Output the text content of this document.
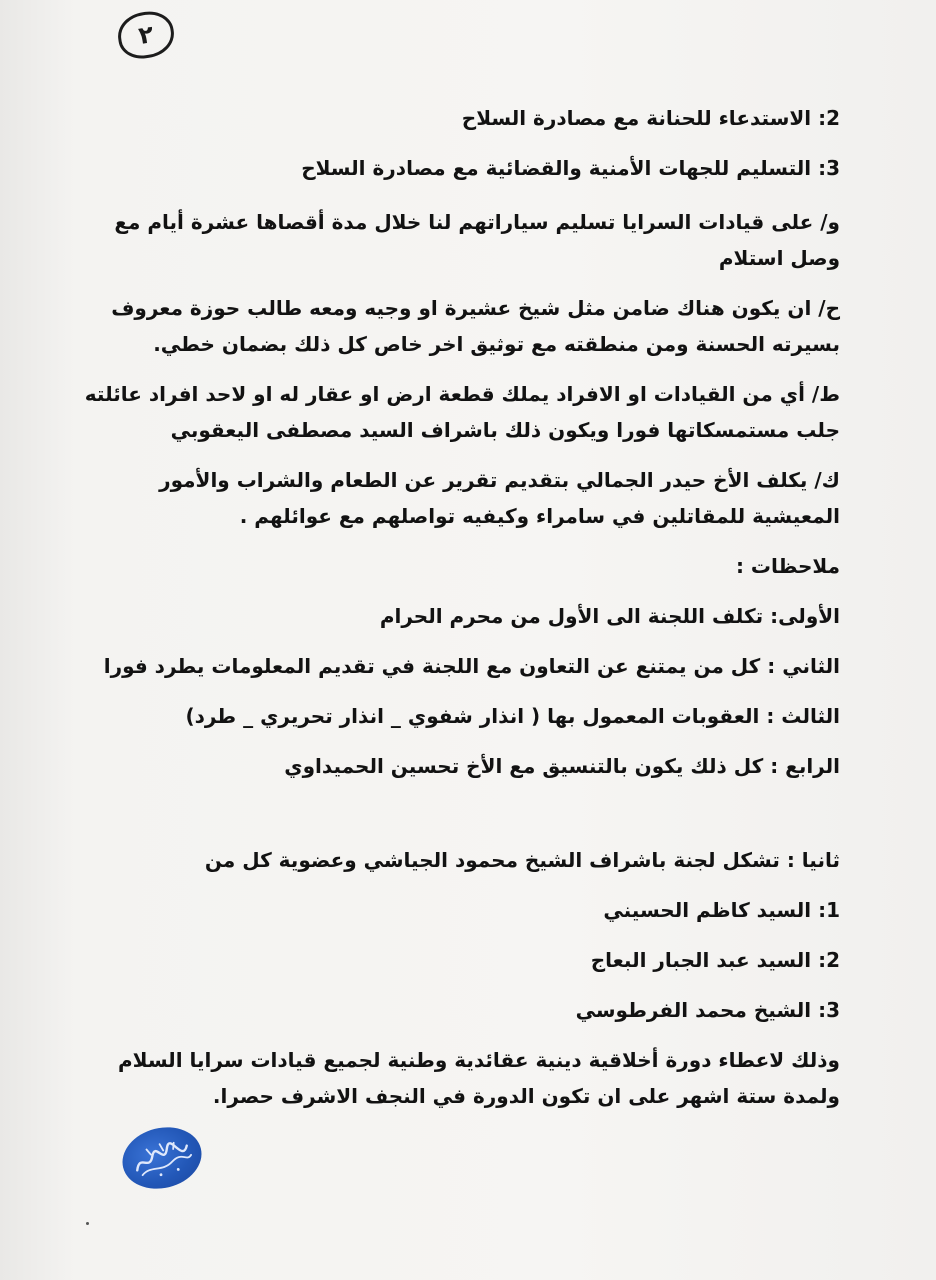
٢
2: الاستدعاء للحنانة مع مصادرة السلاح
3: التسليم للجهات الأمنية والقضائية مع مصادرة السلاح
و/ على قيادات السرايا تسليم سياراتهم لنا خلال مدة أقصاها عشرة أيام مع
وصل استلام
ح/ ان يكون هناك ضامن مثل شيخ عشيرة او وجيه ومعه طالب حوزة معروف
بسيرته الحسنة ومن منطقته مع توثيق اخر خاص كل ذلك بضمان خطي.
ط/ أي من القيادات او الافراد يملك قطعة ارض او عقار له او لاحد افراد عائلته
جلب مستمسكاتها فورا ويكون ذلك باشراف السيد مصطفى اليعقوبي
ك/ يكلف الأخ حيدر الجمالي بتقديم تقرير عن الطعام والشراب والأمور
المعيشية للمقاتلين في سامراء وكيفيه تواصلهم مع عوائلهم .
ملاحظات :
الأولى: تكلف اللجنة الى الأول من محرم الحرام
الثاني : كل من يمتنع عن التعاون مع اللجنة في تقديم المعلومات يطرد فورا
الثالث : العقوبات المعمول بها ( انذار شفوي _ انذار تحريري _ طرد)
الرابع : كل ذلك يكون بالتنسيق مع الأخ تحسين الحميداوي
ثانيا : تشكل لجنة باشراف الشيخ محمود الجياشي وعضوية كل من
1: السيد كاظم الحسيني
2: السيد عبد الجبار البعاج
3: الشيخ محمد الفرطوسي
وذلك لاعطاء دورة أخلاقية دينية عقائدية وطنية لجميع قيادات سرايا السلام
ولمدة ستة اشهر على ان تكون الدورة في النجف الاشرف حصرا.
